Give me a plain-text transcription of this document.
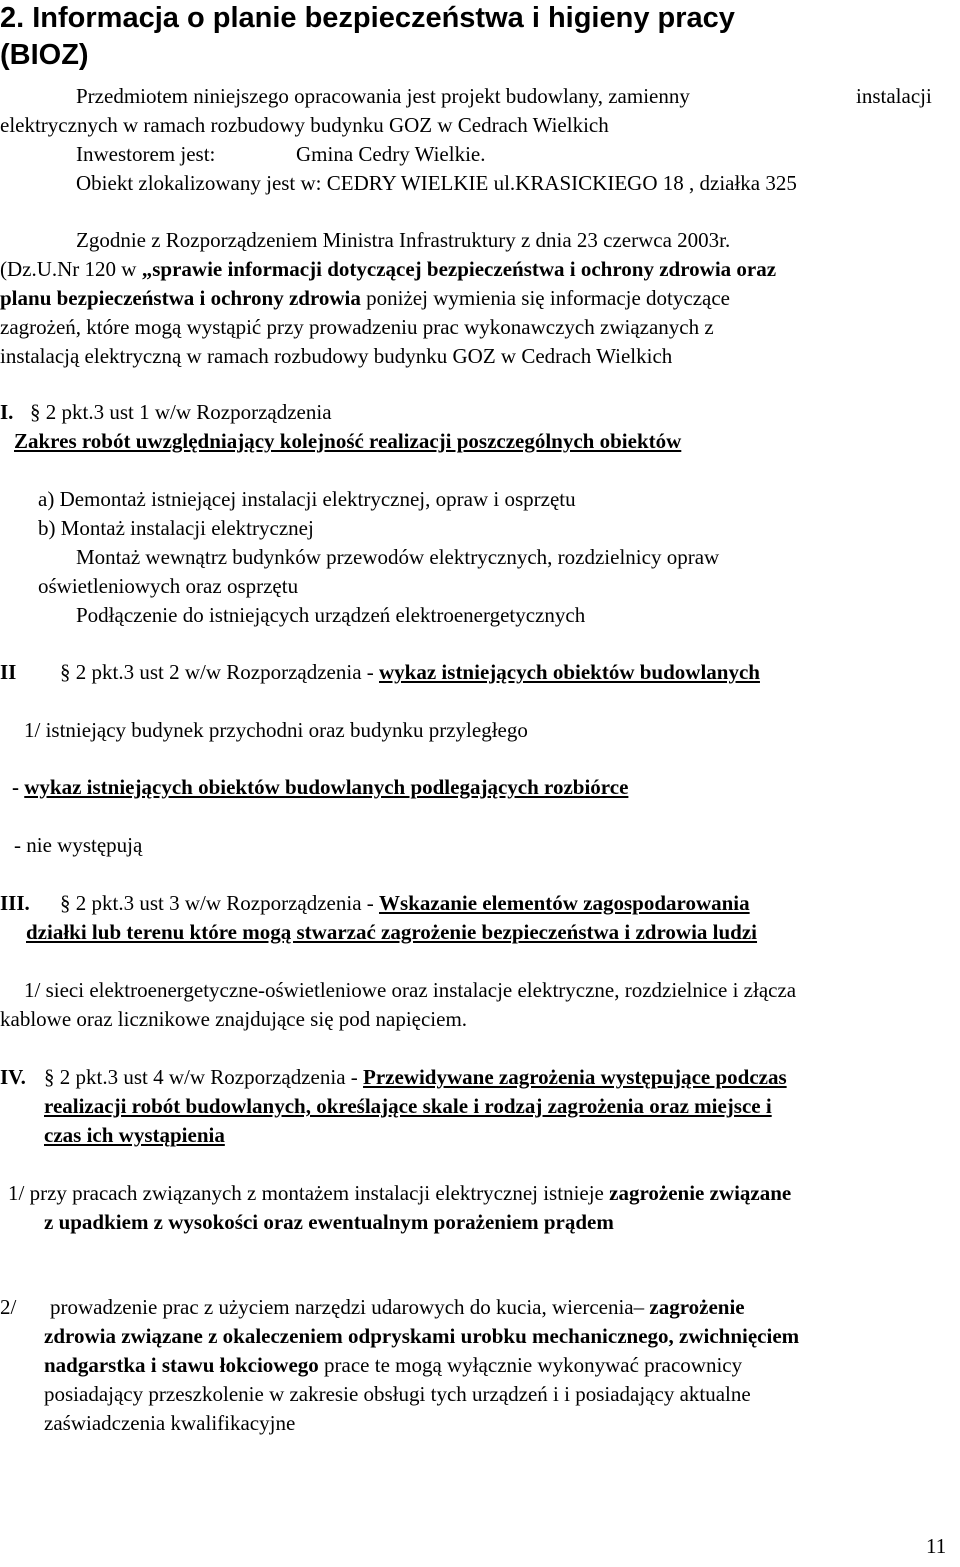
2. Informacja o planie bezpieczeństwa i higieny pracy
(BIOZ)

Przedmiotem niniejszego opracowania jest projekt budowlany, zamienny	instalacji

elektrycznych w ramach rozbudowy budynku GOZ w Cedrach Wielkich

Inwestorem jest:	Gmina Cedry Wielkie.

Obiekt zlokalizowany jest w: CEDRY WIELKIE ul.KRASICKIEGO 18 , działka 325

Zgodnie z Rozporządzeniem Ministra Infrastruktury z dnia 23 czerwca 2003r.

(Dz.U.Nr 120 w „sprawie informacji dotyczącej bezpieczeństwa i ochrony zdrowia oraz

planu bezpieczeństwa i ochrony zdrowia poniżej wymienia się informacje dotyczące

zagrożeń, które mogą wystąpić przy prowadzeniu prac wykonawczych związanych z

instalacją elektryczną w ramach rozbudowy budynku GOZ w Cedrach Wielkich

I. § 2 pkt.3 ust 1 w/w Rozporządzenia

Zakres robót uwzględniający kolejność realizacji poszczególnych obiektów

a) Demontaż istniejącej instalacji elektrycznej, opraw i osprzętu

b) Montaż instalacji elektrycznej

Montaż wewnątrz budynków przewodów elektrycznych, rozdzielnicy opraw

oświetleniowych oraz osprzętu

Podłączenie do istniejących urządzeń elektroenergetycznych

II § 2 pkt.3 ust 2 w/w Rozporządzenia - wykaz istniejących obiektów budowlanych

1/ istniejący budynek przychodni oraz budynku przyległego

- wykaz istniejących obiektów budowlanych podlegających rozbiórce

- nie występują

III. § 2 pkt.3 ust 3 w/w Rozporządzenia - Wskazanie elementów zagospodarowania

działki lub terenu które mogą stwarzać zagrożenie bezpieczeństwa i zdrowia ludzi

1/ sieci elektroenergetyczne-oświetleniowe oraz instalacje elektryczne, rozdzielnice i złącza

kablowe oraz licznikowe znajdujące się pod napięciem.

IV. § 2 pkt.3 ust 4 w/w Rozporządzenia - Przewidywane zagrożenia występujące podczas

realizacji robót budowlanych, określające skale i rodzaj zagrożenia oraz miejsce i

czas ich wystąpienia

1/ przy pracach związanych z montażem instalacji elektrycznej istnieje zagrożenie związane

z upadkiem z wysokości oraz ewentualnym porażeniem prądem

2/ prowadzenie prac z użyciem narzędzi udarowych do kucia, wiercenia– zagrożenie

zdrowia związane z okaleczeniem odpryskami urobku mechanicznego, zwichnięciem

nadgarstka i stawu łokciowego prace te mogą wyłącznie wykonywać pracownicy

posiadający przeszkolenie w zakresie obsługi tych urządzeń i i posiadający aktualne

zaświadczenia kwalifikacyjne

11
